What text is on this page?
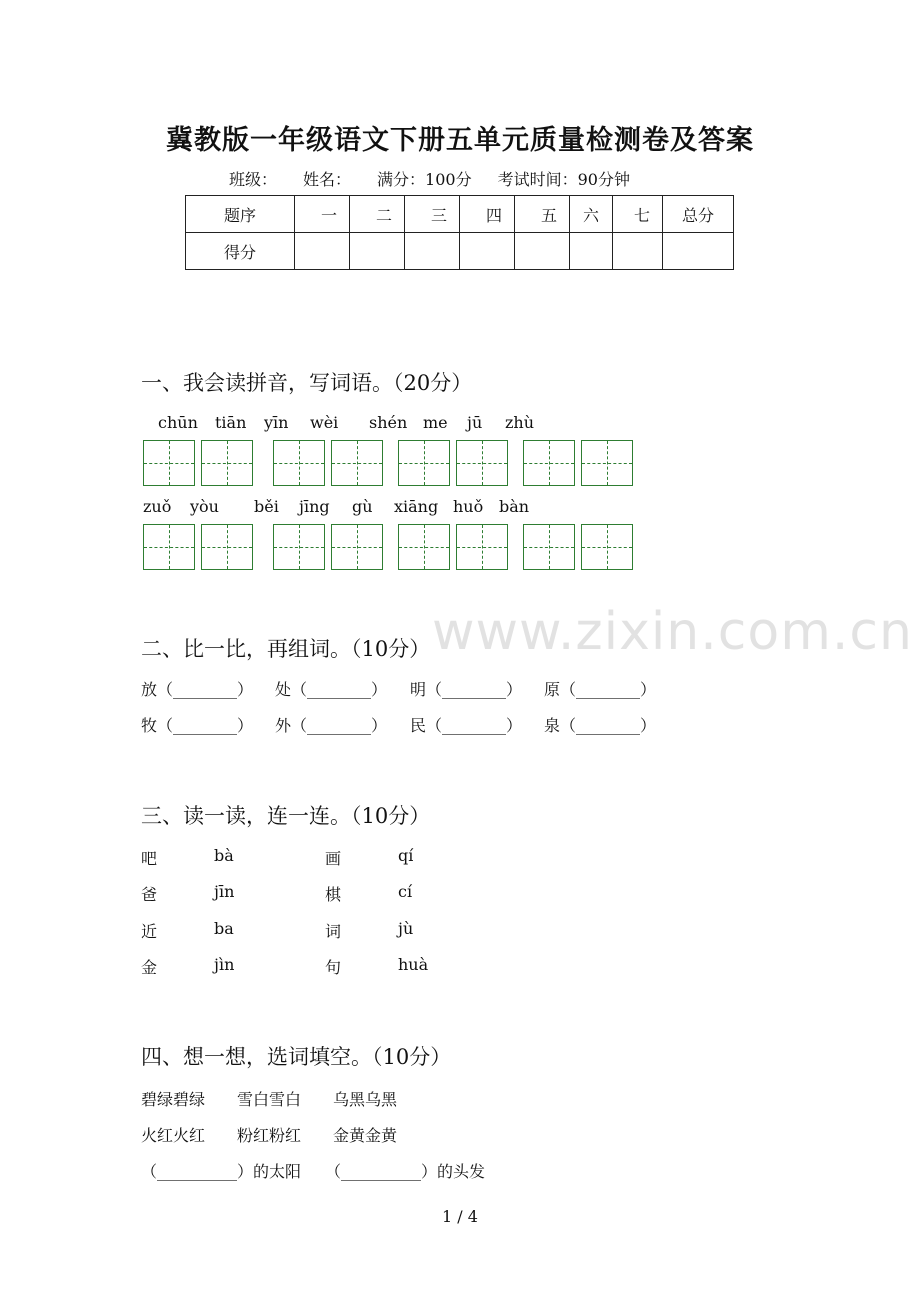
冀教版一年级语文下册五单元质量检测卷及答案
班级： 姓名： 满分：100分 考试时间：90分钟
题序	一	二	三	四	五	六	七	总分
得分								
一、我会读拼音，写词语。（20分）
chūn tiān yīn wèi shén me jū zhù
zuǒ yòu běi jīng gù xiāng huǒ bàn
www.zixin.com.cn
二、比一比，再组词。（10分）
放（________） 处（________） 明（________） 原（________）
牧（________） 外（________） 民（________） 泉（________）
三、读一读，连一连。（10分）
吧	bà	画	qí
爸	jīn	棋	cí
近	ba	词	jù
金	jìn	句	huà
四、想一想，选词填空。（10分）
碧绿碧绿　　雪白雪白　　乌黑乌黑
火红火红　　粉红粉红　　金黄金黄
（__________）的太阳　　（__________）的头发
1 / 4
